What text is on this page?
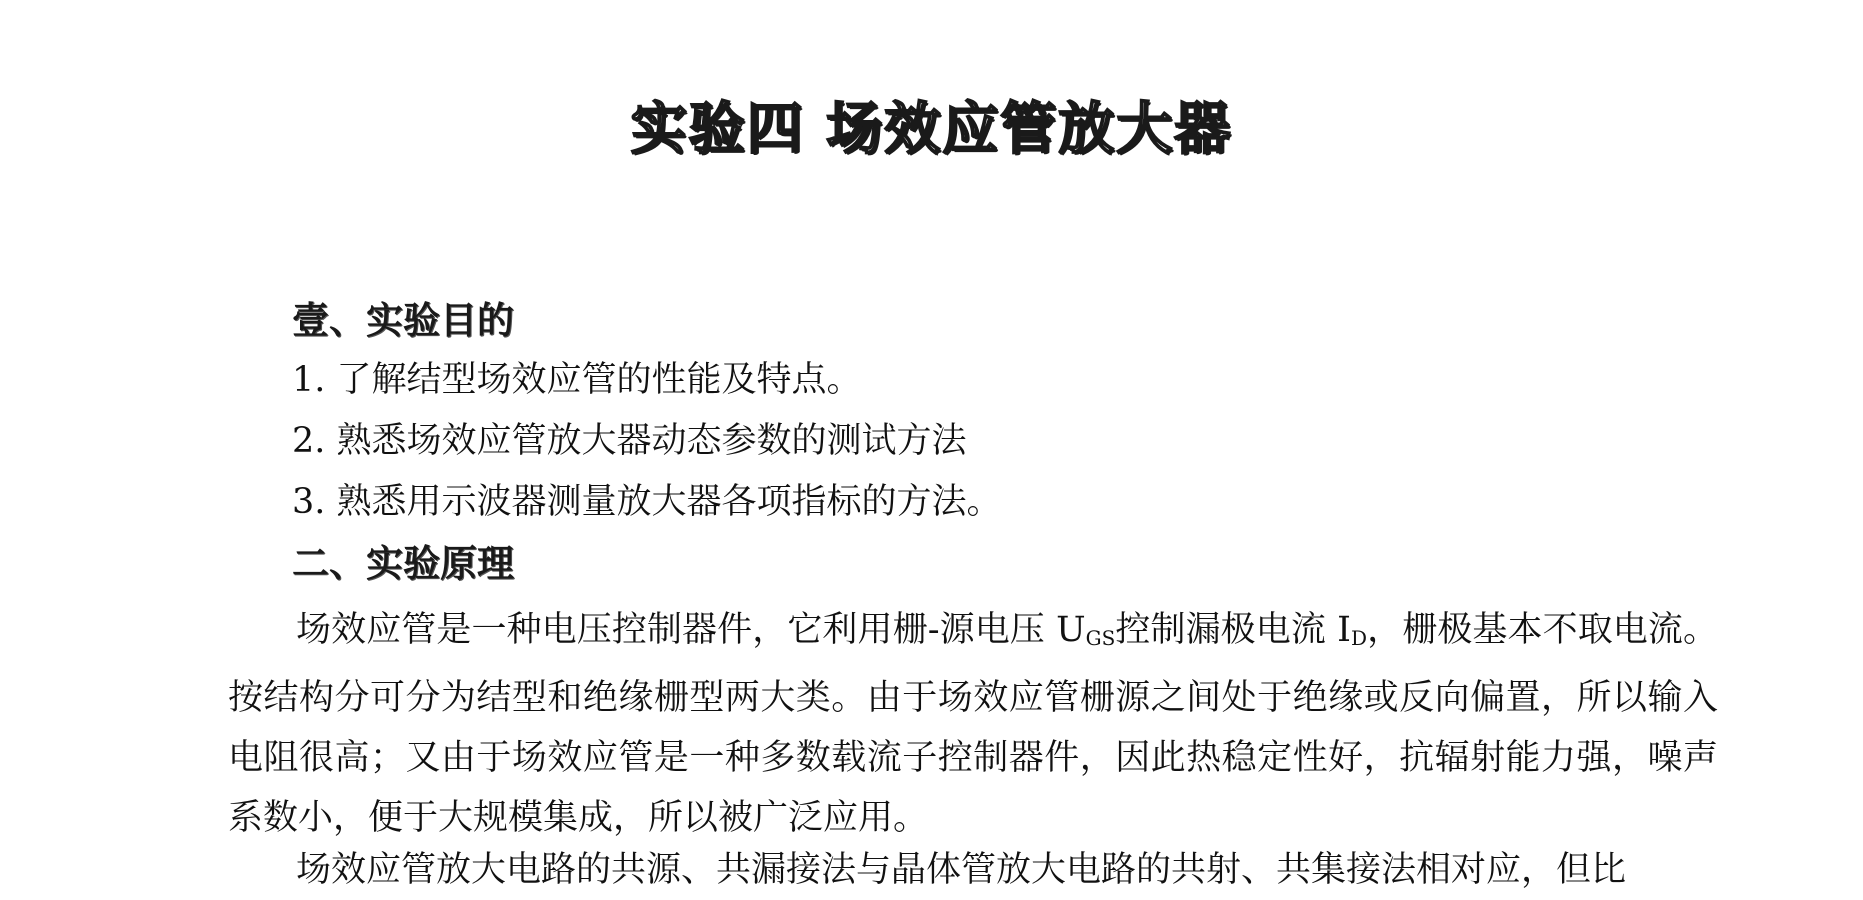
实验四 场效应管放大器
壹、实验目的
1. 了解结型场效应管的性能及特点。
2. 熟悉场效应管放大器动态参数的测试方法
3. 熟悉用示波器测量放大器各项指标的方法。
二、实验原理
场效应管是一种电压控制器件，它利用栅-源电压 $U_{GS}$控制漏极电流 $I_D$，栅极基本不取电流。按结构分可分为结型和绝缘栅型两大类。由于场效应管栅源之间处于绝缘或反向偏置，所以输入电阻很高；又由于场效应管是一种多数载流子控制器件，因此热稳定性好，抗辐射能力强，噪声系数小，便于大规模集成，所以被广泛应用。
场效应管放大电路的共源、共漏接法与晶体管放大电路的共射、共集接法相对应，但比
